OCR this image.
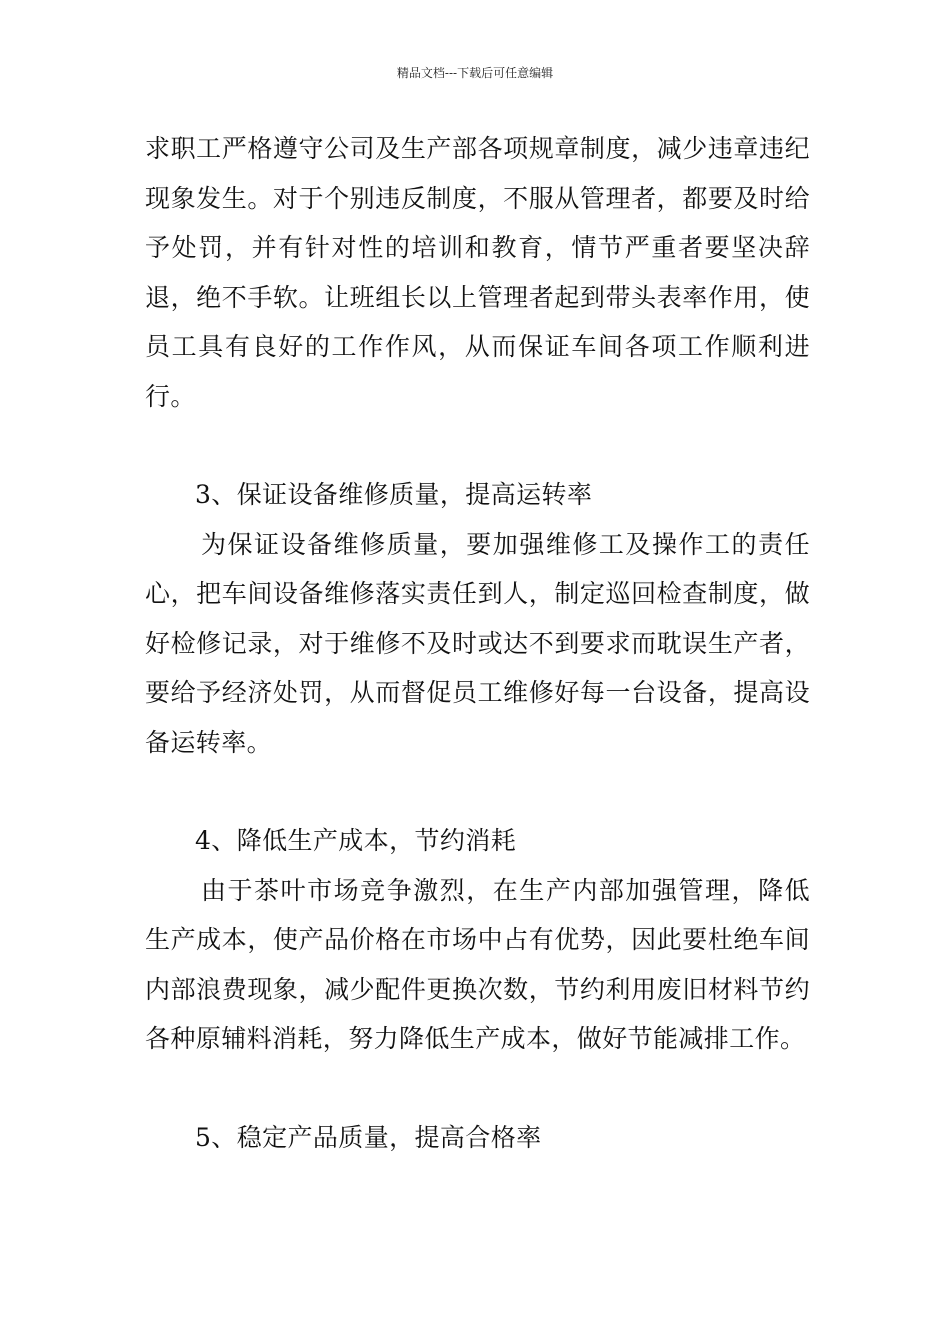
精品文档---下载后可任意编辑

求职工严格遵守公司及生产部各项规章制度，减少违章违纪现象发生。对于个别违反制度，不服从管理者，都要及时给予处罚，并有针对性的培训和教育，情节严重者要坚决辞退，绝不手软。让班组长以上管理者起到带头表率作用，使员工具有良好的工作作风，从而保证车间各项工作顺利进行。

3、保证设备维修质量，提高运转率

为保证设备维修质量，要加强维修工及操作工的责任心，把车间设备维修落实责任到人，制定巡回检查制度，做好检修记录，对于维修不及时或达不到要求而耽误生产者，要给予经济处罚，从而督促员工维修好每一台设备，提高设备运转率。

4、降低生产成本，节约消耗

由于茶叶市场竞争激烈，在生产内部加强管理，降低生产成本，使产品价格在市场中占有优势，因此要杜绝车间内部浪费现象，减少配件更换次数，节约利用废旧材料节约各种原辅料消耗，努力降低生产成本，做好节能减排工作。

5、稳定产品质量，提高合格率
